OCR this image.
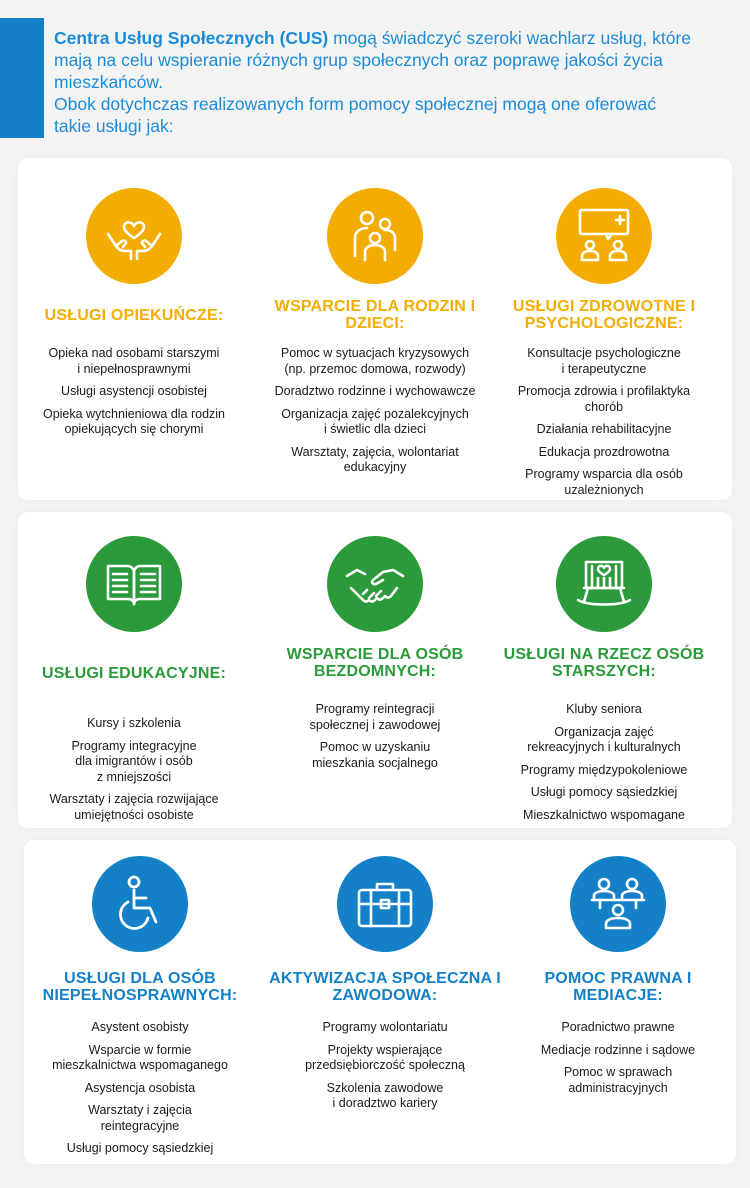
Centra Usług Społecznych (CUS) mogą świadczyć szeroki wachlarz usług, które mają na celu wspieranie różnych grup społecznych oraz poprawę jakości życia mieszkańców.

Obok dotychczas realizowanych form pomocy społecznej mogą one oferować takie usługi jak:

USŁUGI OPIEKUŃCZE:
Opieka nad osobami starszymi
i niepełnosprawnymi
Usługi asystencji osobistej
Opieka wytchnieniowa dla rodzin
opiekujących się chorymi
WSPARCIE DLA RODZIN I DZIECI:
Pomoc w sytuacjach kryzysowych
(np. przemoc domowa, rozwody)
Doradztwo rodzinne i wychowawcze
Organizacja zajęć pozalekcyjnych
i świetlic dla dzieci
Warsztaty, zajęcia, wolontariat
edukacyjny
USŁUGI ZDROWOTNE I PSYCHOLOGICZNE:
Konsultacje psychologiczne
i terapeutyczne
Promocja zdrowia i profilaktyka
chorób
Działania rehabilitacyjne
Edukacja prozdrowotna
Programy wsparcia dla osób
uzależnionych
USŁUGI EDUKACYJNE:
Kursy i szkolenia
Programy integracyjne
dla imigrantów i osób
z mniejszości
Warsztaty i zajęcia rozwijające
umiejętności osobiste
WSPARCIE DLA OSÓB BEZDOMNYCH:
Programy reintegracji
społecznej i zawodowej
Pomoc w uzyskaniu
mieszkania socjalnego
USŁUGI NA RZECZ OSÓB STARSZYCH:
Kluby seniora
Organizacja zajęć
rekreacyjnych i kulturalnych
Programy międzypokoleniowe
Usługi pomocy sąsiedzkiej
Mieszkalnictwo wspomagane
USŁUGI DLA OSÓB NIEPEŁNOSPRAWNYCH:
Asystent osobisty
Wsparcie w formie
mieszkalnictwa wspomaganego
Asystencja osobista
Warsztaty i zajęcia
reintegracyjne
Usługi pomocy sąsiedzkiej
AKTYWIZACJA SPOŁECZNA I ZAWODOWA:
Programy wolontariatu
Projekty wspierające
przedsiębiorczość społeczną
Szkolenia zawodowe
i doradztwo kariery
POMOC PRAWNA I MEDIACJE:
Poradnictwo prawne
Mediacje rodzinne i sądowe
Pomoc w sprawach
administracyjnych
